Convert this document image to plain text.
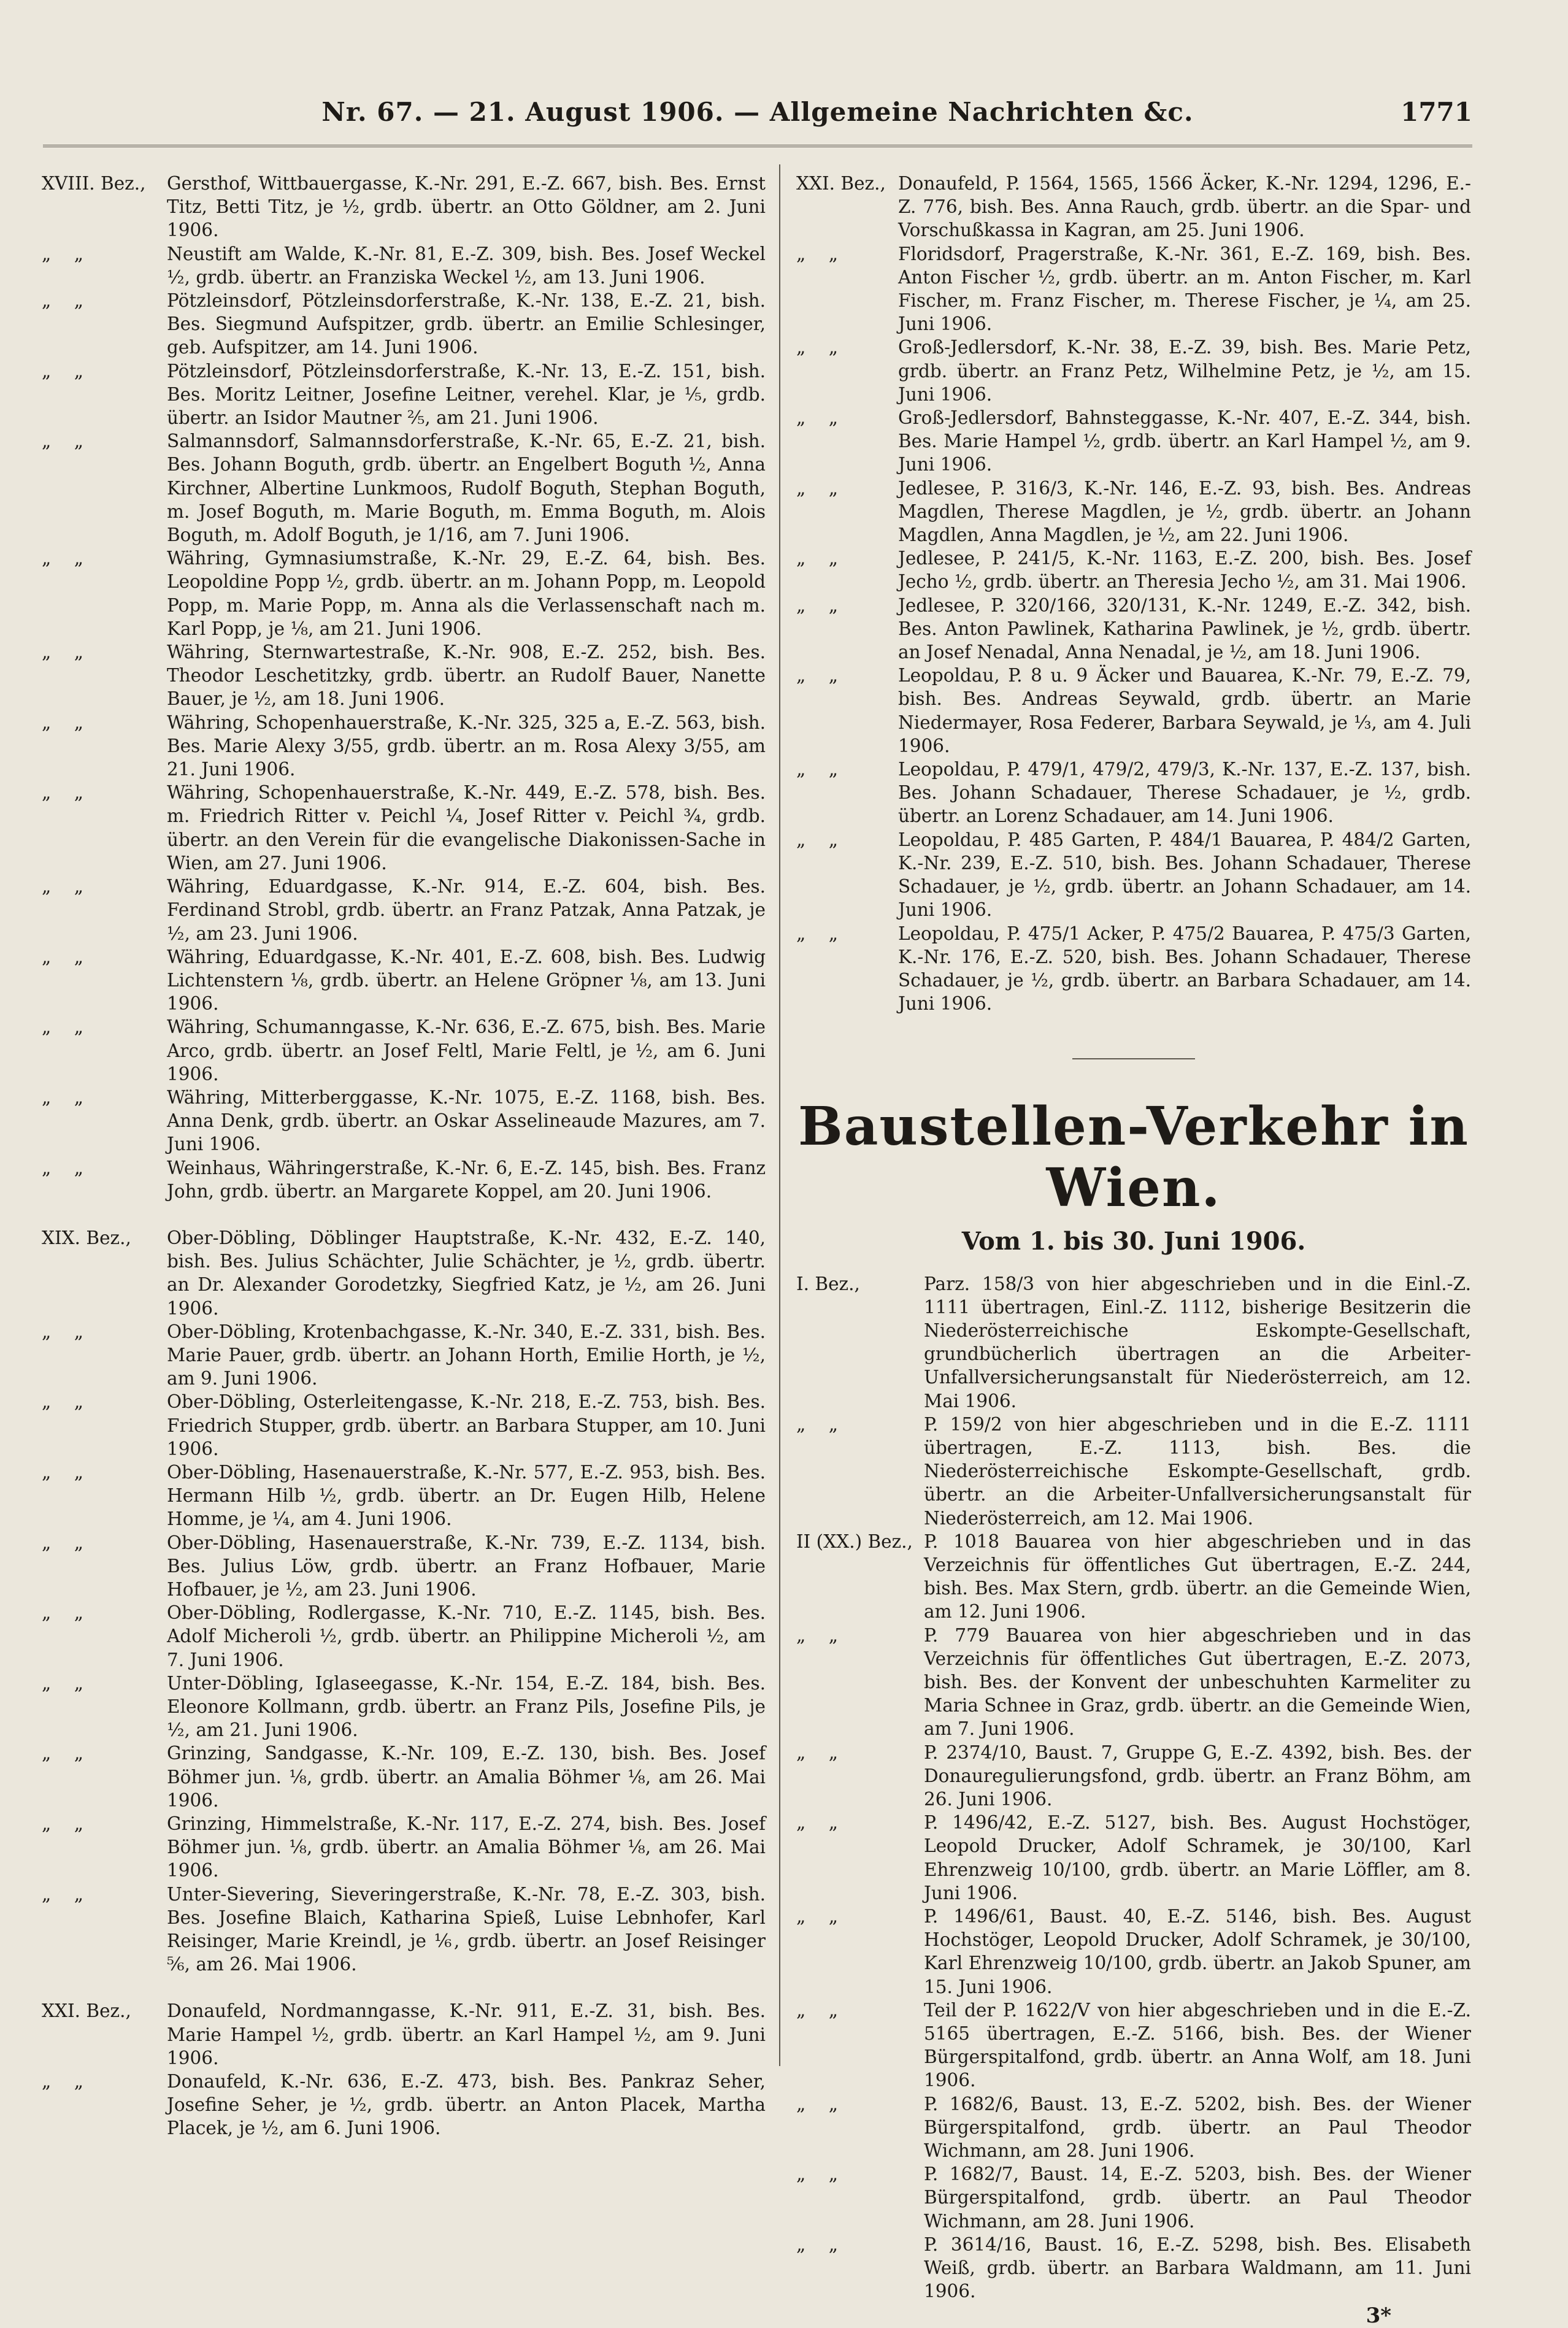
Nr. 67. — 21. August 1906. — Allgemeine Nachrichten &c.	1771
XVIII. Bez.,	Gersthof, Wittbauergasse, K.-Nr. 291, E.-Z. 667, bish. Bes. Ernst Titz, Betti Titz, je ½, grdb. übertr. an Otto Göldner, am 2. Juni 1906.
„    „	Neustift am Walde, K.-Nr. 81, E.-Z. 309, bish. Bes. Josef Weckel ½, grdb. übertr. an Franziska Weckel ½, am 13. Juni 1906.
„    „	Pötzleinsdorf, Pötzleinsdorferstraße, K.-Nr. 138, E.-Z. 21, bish. Bes. Siegmund Aufspitzer, grdb. übertr. an Emilie Schlesinger, geb. Aufspitzer, am 14. Juni 1906.
„    „	Pötzleinsdorf, Pötzleinsdorferstraße, K.-Nr. 13, E.-Z. 151, bish. Bes. Moritz Leitner, Josefine Leitner, verehel. Klar, je ⅕, grdb. übertr. an Isidor Mautner ⅖, am 21. Juni 1906.
„    „	Salmannsdorf, Salmannsdorferstraße, K.-Nr. 65, E.-Z. 21, bish. Bes. Johann Boguth, grdb. übertr. an Engelbert Boguth ½, Anna Kirchner, Albertine Lunkmoos, Rudolf Boguth, Stephan Boguth, m. Josef Boguth, m. Marie Boguth, m. Emma Boguth, m. Alois Boguth, m. Adolf Boguth, je 1/16, am 7. Juni 1906.
„    „	Währing, Gymnasiumstraße, K.-Nr. 29, E.-Z. 64, bish. Bes. Leopoldine Popp ½, grdb. übertr. an m. Johann Popp, m. Leopold Popp, m. Marie Popp, m. Anna als die Verlassenschaft nach m. Karl Popp, je ⅛, am 21. Juni 1906.
„    „	Währing, Sternwartestraße, K.-Nr. 908, E.-Z. 252, bish. Bes. Theodor Leschetitzky, grdb. übertr. an Rudolf Bauer, Nanette Bauer, je ½, am 18. Juni 1906.
„    „	Währing, Schopenhauerstraße, K.-Nr. 325, 325 a, E.-Z. 563, bish. Bes. Marie Alexy 3/55, grdb. übertr. an m. Rosa Alexy 3/55, am 21. Juni 1906.
„    „	Währing, Schopenhauerstraße, K.-Nr. 449, E.-Z. 578, bish. Bes. m. Friedrich Ritter v. Peichl ¼, Josef Ritter v. Peichl ¾, grdb. übertr. an den Verein für die evangelische Diakonissen-Sache in Wien, am 27. Juni 1906.
„    „	Währing, Eduardgasse, K.-Nr. 914, E.-Z. 604, bish. Bes. Ferdinand Strobl, grdb. übertr. an Franz Patzak, Anna Patzak, je ½, am 23. Juni 1906.
„    „	Währing, Eduardgasse, K.-Nr. 401, E.-Z. 608, bish. Bes. Ludwig Lichtenstern ⅛, grdb. übertr. an Helene Gröpner ⅛, am 13. Juni 1906.
„    „	Währing, Schumanngasse, K.-Nr. 636, E.-Z. 675, bish. Bes. Marie Arco, grdb. übertr. an Josef Feltl, Marie Feltl, je ½, am 6. Juni 1906.
„    „	Währing, Mitterberggasse, K.-Nr. 1075, E.-Z. 1168, bish. Bes. Anna Denk, grdb. übertr. an Oskar Asselineaude Mazures, am 7. Juni 1906.
„    „	Weinhaus, Währingerstraße, K.-Nr. 6, E.-Z. 145, bish. Bes. Franz John, grdb. übertr. an Margarete Koppel, am 20. Juni 1906.
XIX. Bez.,	Ober-Döbling, Döblinger Hauptstraße, K.-Nr. 432, E.-Z. 140, bish. Bes. Julius Schächter, Julie Schächter, je ½, grdb. übertr. an Dr. Alexander Gorodetzky, Siegfried Katz, je ½, am 26. Juni 1906.
„    „	Ober-Döbling, Krotenbachgasse, K.-Nr. 340, E.-Z. 331, bish. Bes. Marie Pauer, grdb. übertr. an Johann Horth, Emilie Horth, je ½, am 9. Juni 1906.
„    „	Ober-Döbling, Osterleitengasse, K.-Nr. 218, E.-Z. 753, bish. Bes. Friedrich Stupper, grdb. übertr. an Barbara Stupper, am 10. Juni 1906.
„    „	Ober-Döbling, Hasenauerstraße, K.-Nr. 577, E.-Z. 953, bish. Bes. Hermann Hilb ½, grdb. übertr. an Dr. Eugen Hilb, Helene Homme, je ¼, am 4. Juni 1906.
„    „	Ober-Döbling, Hasenauerstraße, K.-Nr. 739, E.-Z. 1134, bish. Bes. Julius Löw, grdb. übertr. an Franz Hofbauer, Marie Hofbauer, je ½, am 23. Juni 1906.
„    „	Ober-Döbling, Rodlergasse, K.-Nr. 710, E.-Z. 1145, bish. Bes. Adolf Micheroli ½, grdb. übertr. an Philippine Micheroli ½, am 7. Juni 1906.
„    „	Unter-Döbling, Iglaseegasse, K.-Nr. 154, E.-Z. 184, bish. Bes. Eleonore Kollmann, grdb. übertr. an Franz Pils, Josefine Pils, je ½, am 21. Juni 1906.
„    „	Grinzing, Sandgasse, K.-Nr. 109, E.-Z. 130, bish. Bes. Josef Böhmer jun. ⅛, grdb. übertr. an Amalia Böhmer ⅛, am 26. Mai 1906.
„    „	Grinzing, Himmelstraße, K.-Nr. 117, E.-Z. 274, bish. Bes. Josef Böhmer jun. ⅛, grdb. übertr. an Amalia Böhmer ⅛, am 26. Mai 1906.
„    „	Unter-Sievering, Sieveringerstraße, K.-Nr. 78, E.-Z. 303, bish. Bes. Josefine Blaich, Katharina Spieß, Luise Lebnhofer, Karl Reisinger, Marie Kreindl, je ⅙, grdb. übertr. an Josef Reisinger ⅚, am 26. Mai 1906.
XXI. Bez.,	Donaufeld, Nordmanngasse, K.-Nr. 911, E.-Z. 31, bish. Bes. Marie Hampel ½, grdb. übertr. an Karl Hampel ½, am 9. Juni 1906.
„    „	Donaufeld, K.-Nr. 636, E.-Z. 473, bish. Bes. Pankraz Seher, Josefine Seher, je ½, grdb. übertr. an Anton Placek, Martha Placek, je ½, am 6. Juni 1906.
XXI. Bez., Donaufeld, P. 1564, 1565, 1566 Äcker, K.-Nr. 1294, 1296, E.-Z. 776, bish. Bes. Anna Rauch, grdb. übertr. an die Spar- und Vorschußkassa in Kagran, am 25. Juni 1906.
„    „	Floridsdorf, Pragerstraße, K.-Nr. 361, E.-Z. 169, bish. Bes. Anton Fischer ½, grdb. übertr. an m. Anton Fischer, m. Karl Fischer, m. Franz Fischer, m. Therese Fischer, je ¼, am 25. Juni 1906.
„    „	Groß-Jedlersdorf, K.-Nr. 38, E.-Z. 39, bish. Bes. Marie Petz, grdb. übertr. an Franz Petz, Wilhelmine Petz, je ½, am 15. Juni 1906.
„    „	Groß-Jedlersdorf, Bahnsteggasse, K.-Nr. 407, E.-Z. 344, bish. Bes. Marie Hampel ½, grdb. übertr. an Karl Hampel ½, am 9. Juni 1906.
„    „	Jedlesee, P. 316/3, K.-Nr. 146, E.-Z. 93, bish. Bes. Andreas Magdlen, Therese Magdlen, je ½, grdb. übertr. an Johann Magdlen, Anna Magdlen, je ½, am 22. Juni 1906.
„    „	Jedlesee, P. 241/5, K.-Nr. 1163, E.-Z. 200, bish. Bes. Josef Jecho ½, grdb. übertr. an Theresia Jecho ½, am 31. Mai 1906.
„    „	Jedlesee, P. 320/166, 320/131, K.-Nr. 1249, E.-Z. 342, bish. Bes. Anton Pawlinek, Katharina Pawlinek, je ½, grdb. übertr. an Josef Nenadal, Anna Nenadal, je ½, am 18. Juni 1906.
„    „	Leopoldau, P. 8 u. 9 Äcker und Bauarea, K.-Nr. 79, E.-Z. 79, bish. Bes. Andreas Seywald, grdb. übertr. an Marie Niedermayer, Rosa Federer, Barbara Seywald, je ⅓, am 4. Juli 1906.
„    „	Leopoldau, P. 479/1, 479/2, 479/3, K.-Nr. 137, E.-Z. 137, bish. Bes. Johann Schadauer, Therese Schadauer, je ½, grdb. übertr. an Lorenz Schadauer, am 14. Juni 1906.
„    „	Leopoldau, P. 485 Garten, P. 484/1 Bauarea, P. 484/2 Garten, K.-Nr. 239, E.-Z. 510, bish. Bes. Johann Schadauer, Therese Schadauer, je ½, grdb. übertr. an Johann Schadauer, am 14. Juni 1906.
„    „	Leopoldau, P. 475/1 Acker, P. 475/2 Bauarea, P. 475/3 Garten, K.-Nr. 176, E.-Z. 520, bish. Bes. Johann Schadauer, Therese Schadauer, je ½, grdb. übertr. an Barbara Schadauer, am 14. Juni 1906.
Baustellen-Verkehr in Wien.
Vom 1. bis 30. Juni 1906.
I. Bez.,	Parz. 158/3 von hier abgeschrieben und in die Einl.-Z. 1111 übertragen, Einl.-Z. 1112, bisherige Besitzerin die Niederösterreichische Eskompte-Gesellschaft, grundbücherlich übertragen an die Arbeiter-Unfallversicherungsanstalt für Niederösterreich, am 12. Mai 1906.
„    „	P. 159/2 von hier abgeschrieben und in die E.-Z. 1111 übertragen, E.-Z. 1113, bish. Bes. die Niederösterreichische Eskompte-Gesellschaft, grdb. übertr. an die Arbeiter-Unfallversicherungsanstalt für Niederösterreich, am 12. Mai 1906.
II (XX.) Bez., P. 1018 Bauarea von hier abgeschrieben und in das Verzeichnis für öffentliches Gut übertragen, E.-Z. 244, bish. Bes. Max Stern, grdb. übertr. an die Gemeinde Wien, am 12. Juni 1906.
„    „	P. 779 Bauarea von hier abgeschrieben und in das Verzeichnis für öffentliches Gut übertragen, E.-Z. 2073, bish. Bes. der Konvent der unbeschuhten Karmeliter zu Maria Schnee in Graz, grdb. übertr. an die Gemeinde Wien, am 7. Juni 1906.
„    „	P. 2374/10, Baust. 7, Gruppe G, E.-Z. 4392, bish. Bes. der Donauregulierungsfond, grdb. übertr. an Franz Böhm, am 26. Juni 1906.
„    „	P. 1496/42, E.-Z. 5127, bish. Bes. August Hochstöger, Leopold Drucker, Adolf Schramek, je 30/100, Karl Ehrenzweig 10/100, grdb. übertr. an Marie Löffler, am 8. Juni 1906.
„    „	P. 1496/61, Baust. 40, E.-Z. 5146, bish. Bes. August Hochstöger, Leopold Drucker, Adolf Schramek, je 30/100, Karl Ehrenzweig 10/100, grdb. übertr. an Jakob Spuner, am 15. Juni 1906.
„    „	Teil der P. 1622/V von hier abgeschrieben und in die E.-Z. 5165 übertragen, E.-Z. 5166, bish. Bes. der Wiener Bürgerspitalfond, grdb. übertr. an Anna Wolf, am 18. Juni 1906.
„    „	P. 1682/6, Baust. 13, E.-Z. 5202, bish. Bes. der Wiener Bürgerspitalfond, grdb. übertr. an Paul Theodor Wichmann, am 28. Juni 1906.
„    „	P. 1682/7, Baust. 14, E.-Z. 5203, bish. Bes. der Wiener Bürgerspitalfond, grdb. übertr. an Paul Theodor Wichmann, am 28. Juni 1906.
„    „	P. 3614/16, Baust. 16, E.-Z. 5298, bish. Bes. Elisabeth Weiß, grdb. übertr. an Barbara Waldmann, am 11. Juni 1906.
3*
